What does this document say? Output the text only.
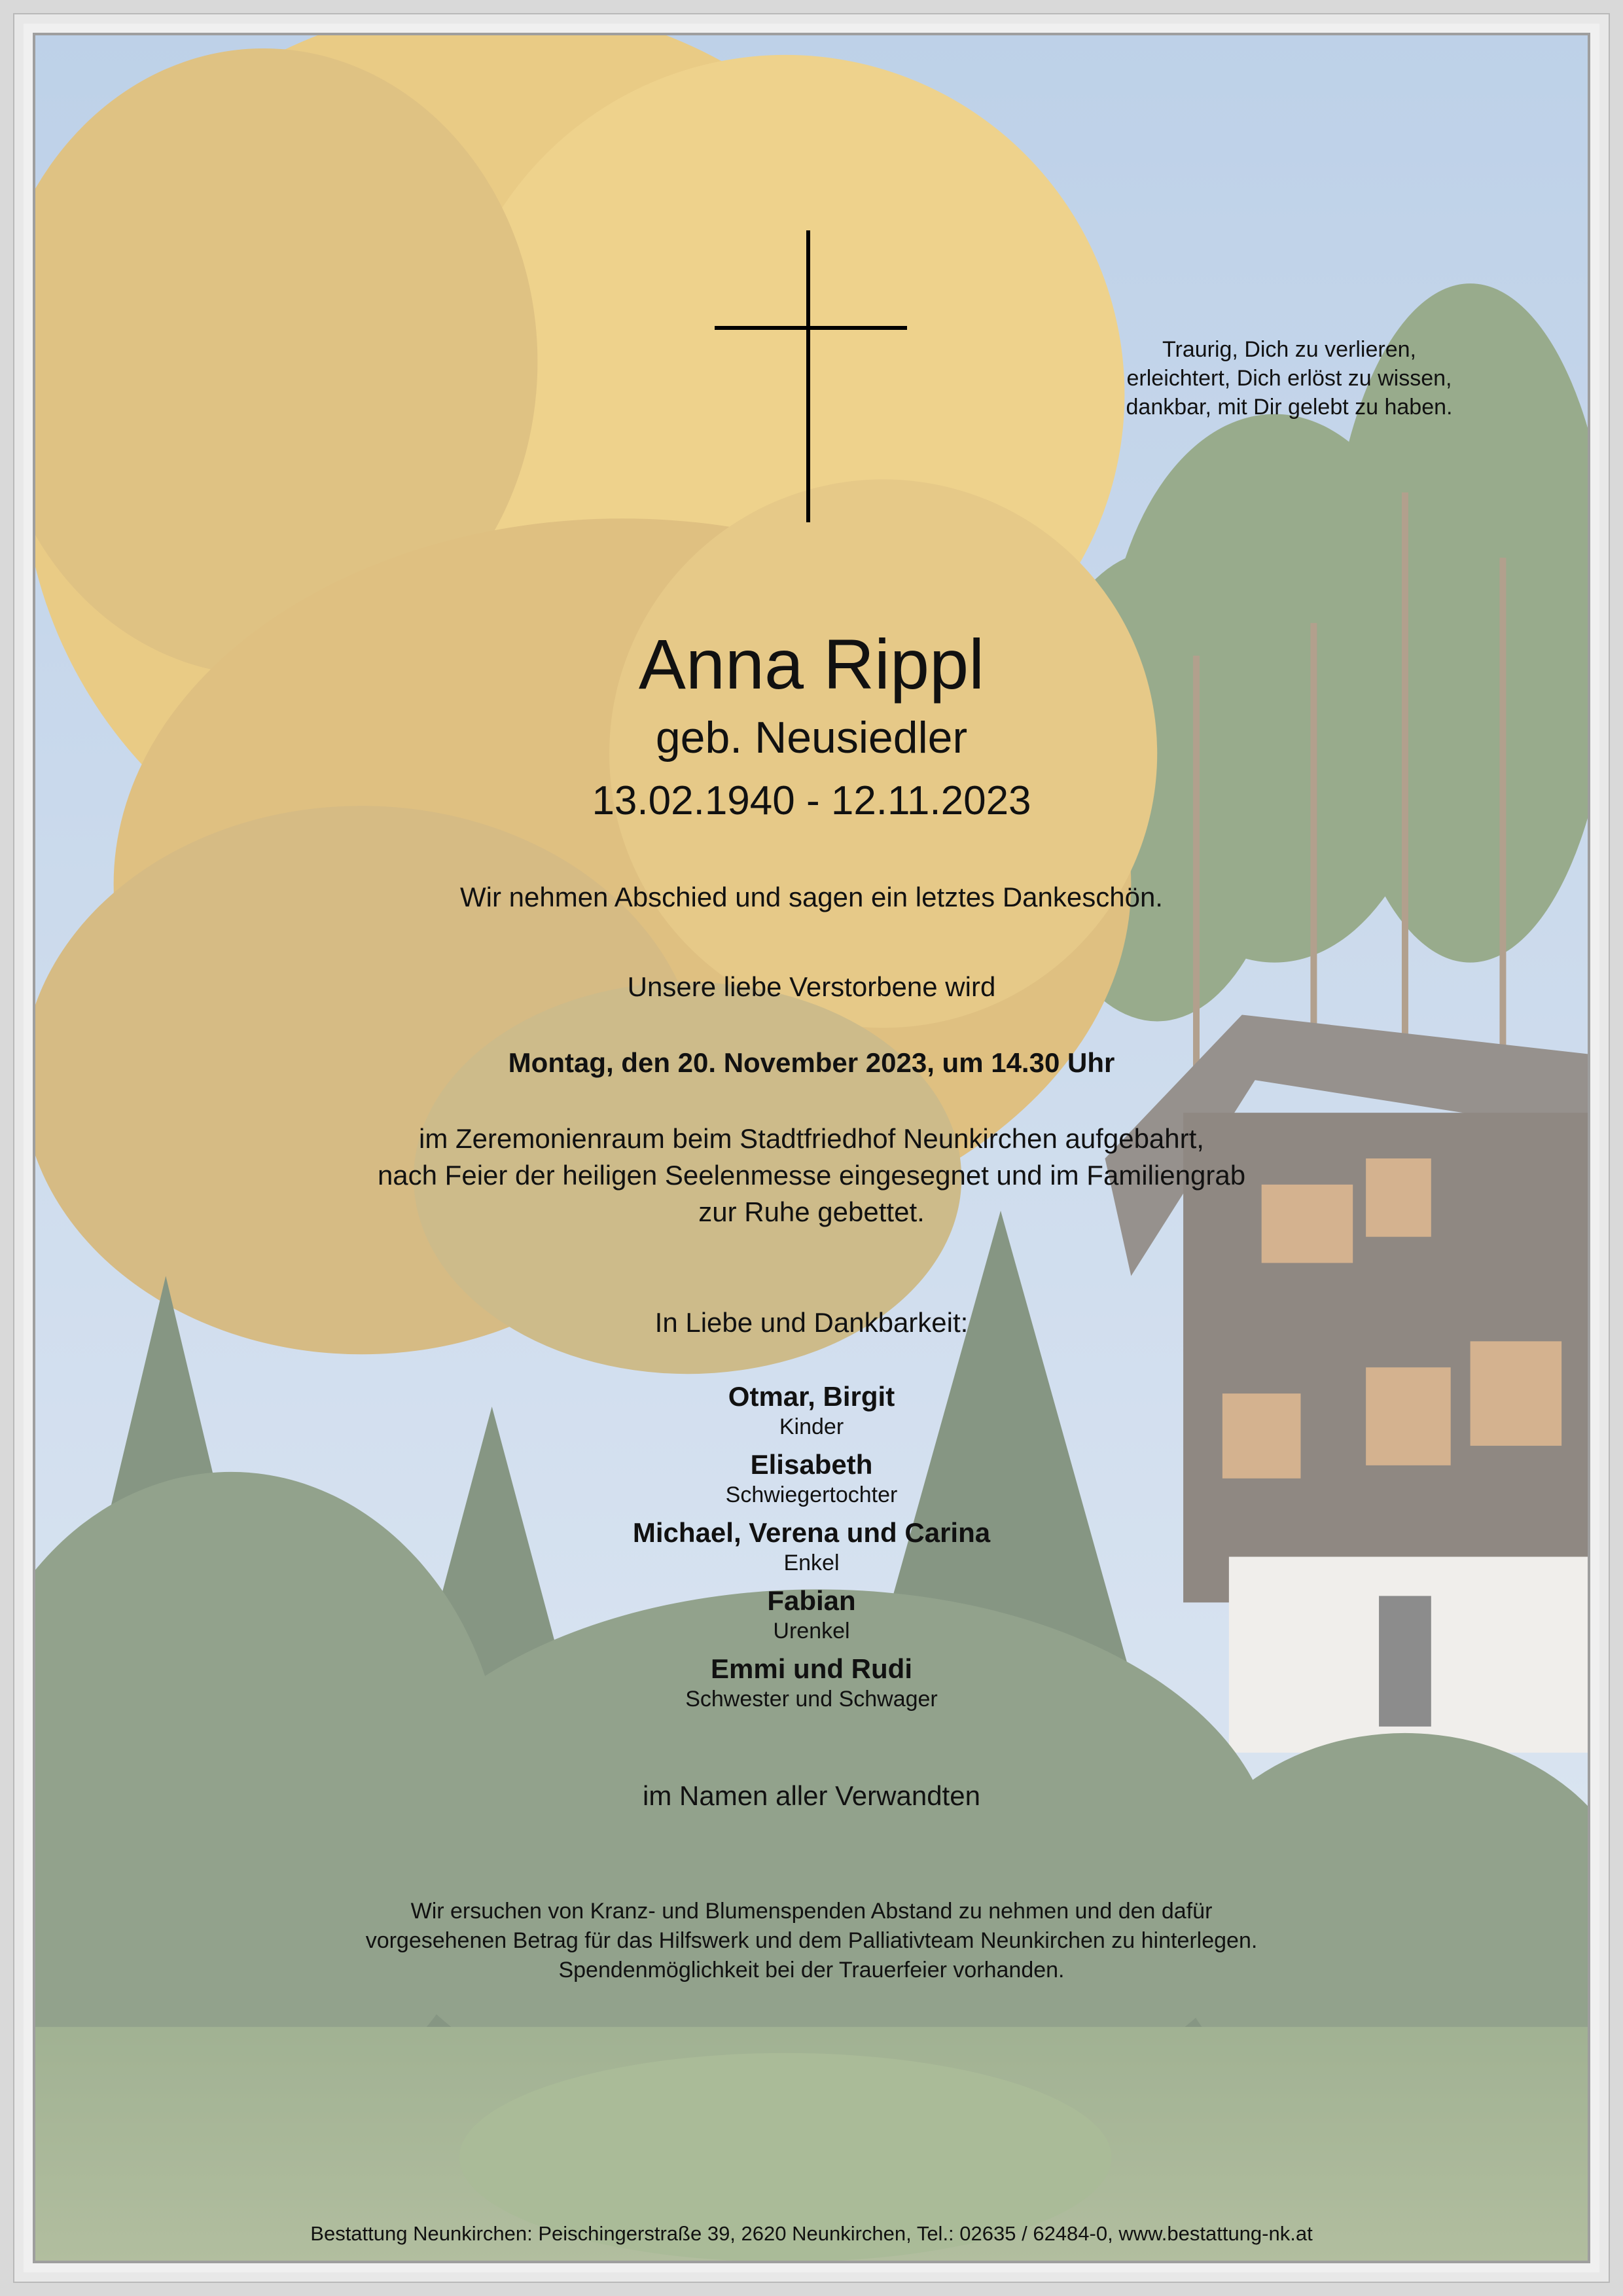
Traurig, Dich zu verlieren,
erleichtert, Dich erlöst zu wissen,
dankbar, mit Dir gelebt zu haben.
Anna Rippl
geb. Neusiedler
13.02.1940 - 12.11.2023
Wir nehmen Abschied und sagen ein letztes Dankeschön.
Unsere liebe Verstorbene wird
Montag, den 20. November 2023, um 14.30 Uhr
im Zeremonienraum beim Stadtfriedhof Neunkirchen aufgebahrt,
nach Feier der heiligen Seelenmesse eingesegnet und im Familiengrab
zur Ruhe gebettet.
In Liebe und Dankbarkeit:
Otmar, Birgit
Kinder
Elisabeth
Schwiegertochter
Michael, Verena und Carina
Enkel
Fabian
Urenkel
Emmi und Rudi
Schwester und Schwager
im Namen aller Verwandten
Wir ersuchen von Kranz- und Blumenspenden Abstand zu nehmen und den dafür
vorgesehenen Betrag für das Hilfswerk und dem Palliativteam Neunkirchen zu hinterlegen.
Spendenmöglichkeit bei der Trauerfeier vorhanden.
Bestattung Neunkirchen: Peischingerstraße 39, 2620 Neunkirchen, Tel.: 02635 / 62484-0, www.bestattung-nk.at
